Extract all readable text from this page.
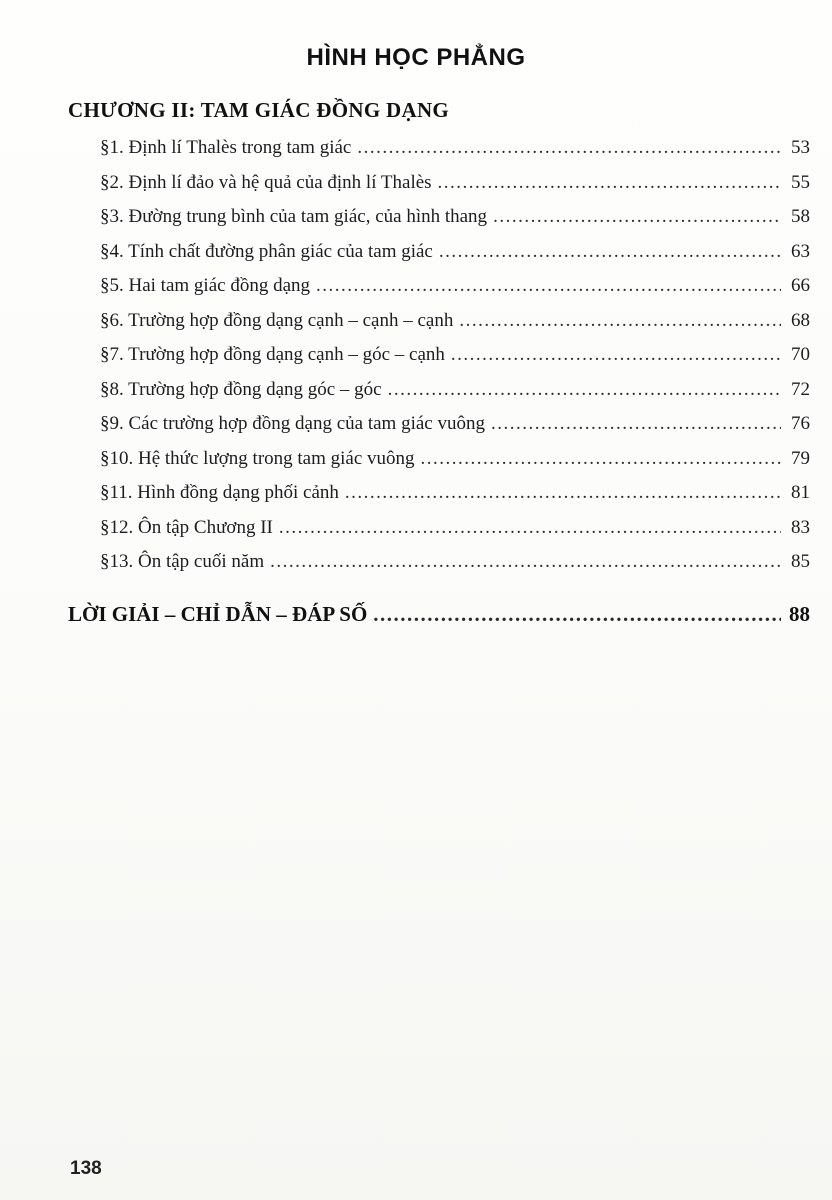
HÌNH HỌC PHẲNG
CHƯƠNG II: TAM GIÁC ĐỒNG DẠNG
§1. Định lí Thalès trong tam giác .....	53
§2. Định lí đảo và hệ quả của định lí Thalès .....	55
§3. Đường trung bình của tam giác, của hình thang .....	58
§4. Tính chất đường phân giác của tam giác .....	63
§5. Hai tam giác đồng dạng .....	66
§6. Trường hợp đồng dạng cạnh – cạnh – cạnh .....	68
§7. Trường hợp đồng dạng cạnh – góc – cạnh .....	70
§8. Trường hợp đồng dạng góc – góc .....	72
§9. Các trường hợp đồng dạng của tam giác vuông .....	76
§10. Hệ thức lượng trong tam giác vuông .....	79
§11. Hình đồng dạng phối cảnh .....	81
§12. Ôn tập Chương II .....	83
§13. Ôn tập cuối năm .....	85
LỜI GIẢI – CHỈ DẪN – ĐÁP SỐ .....	88
138
